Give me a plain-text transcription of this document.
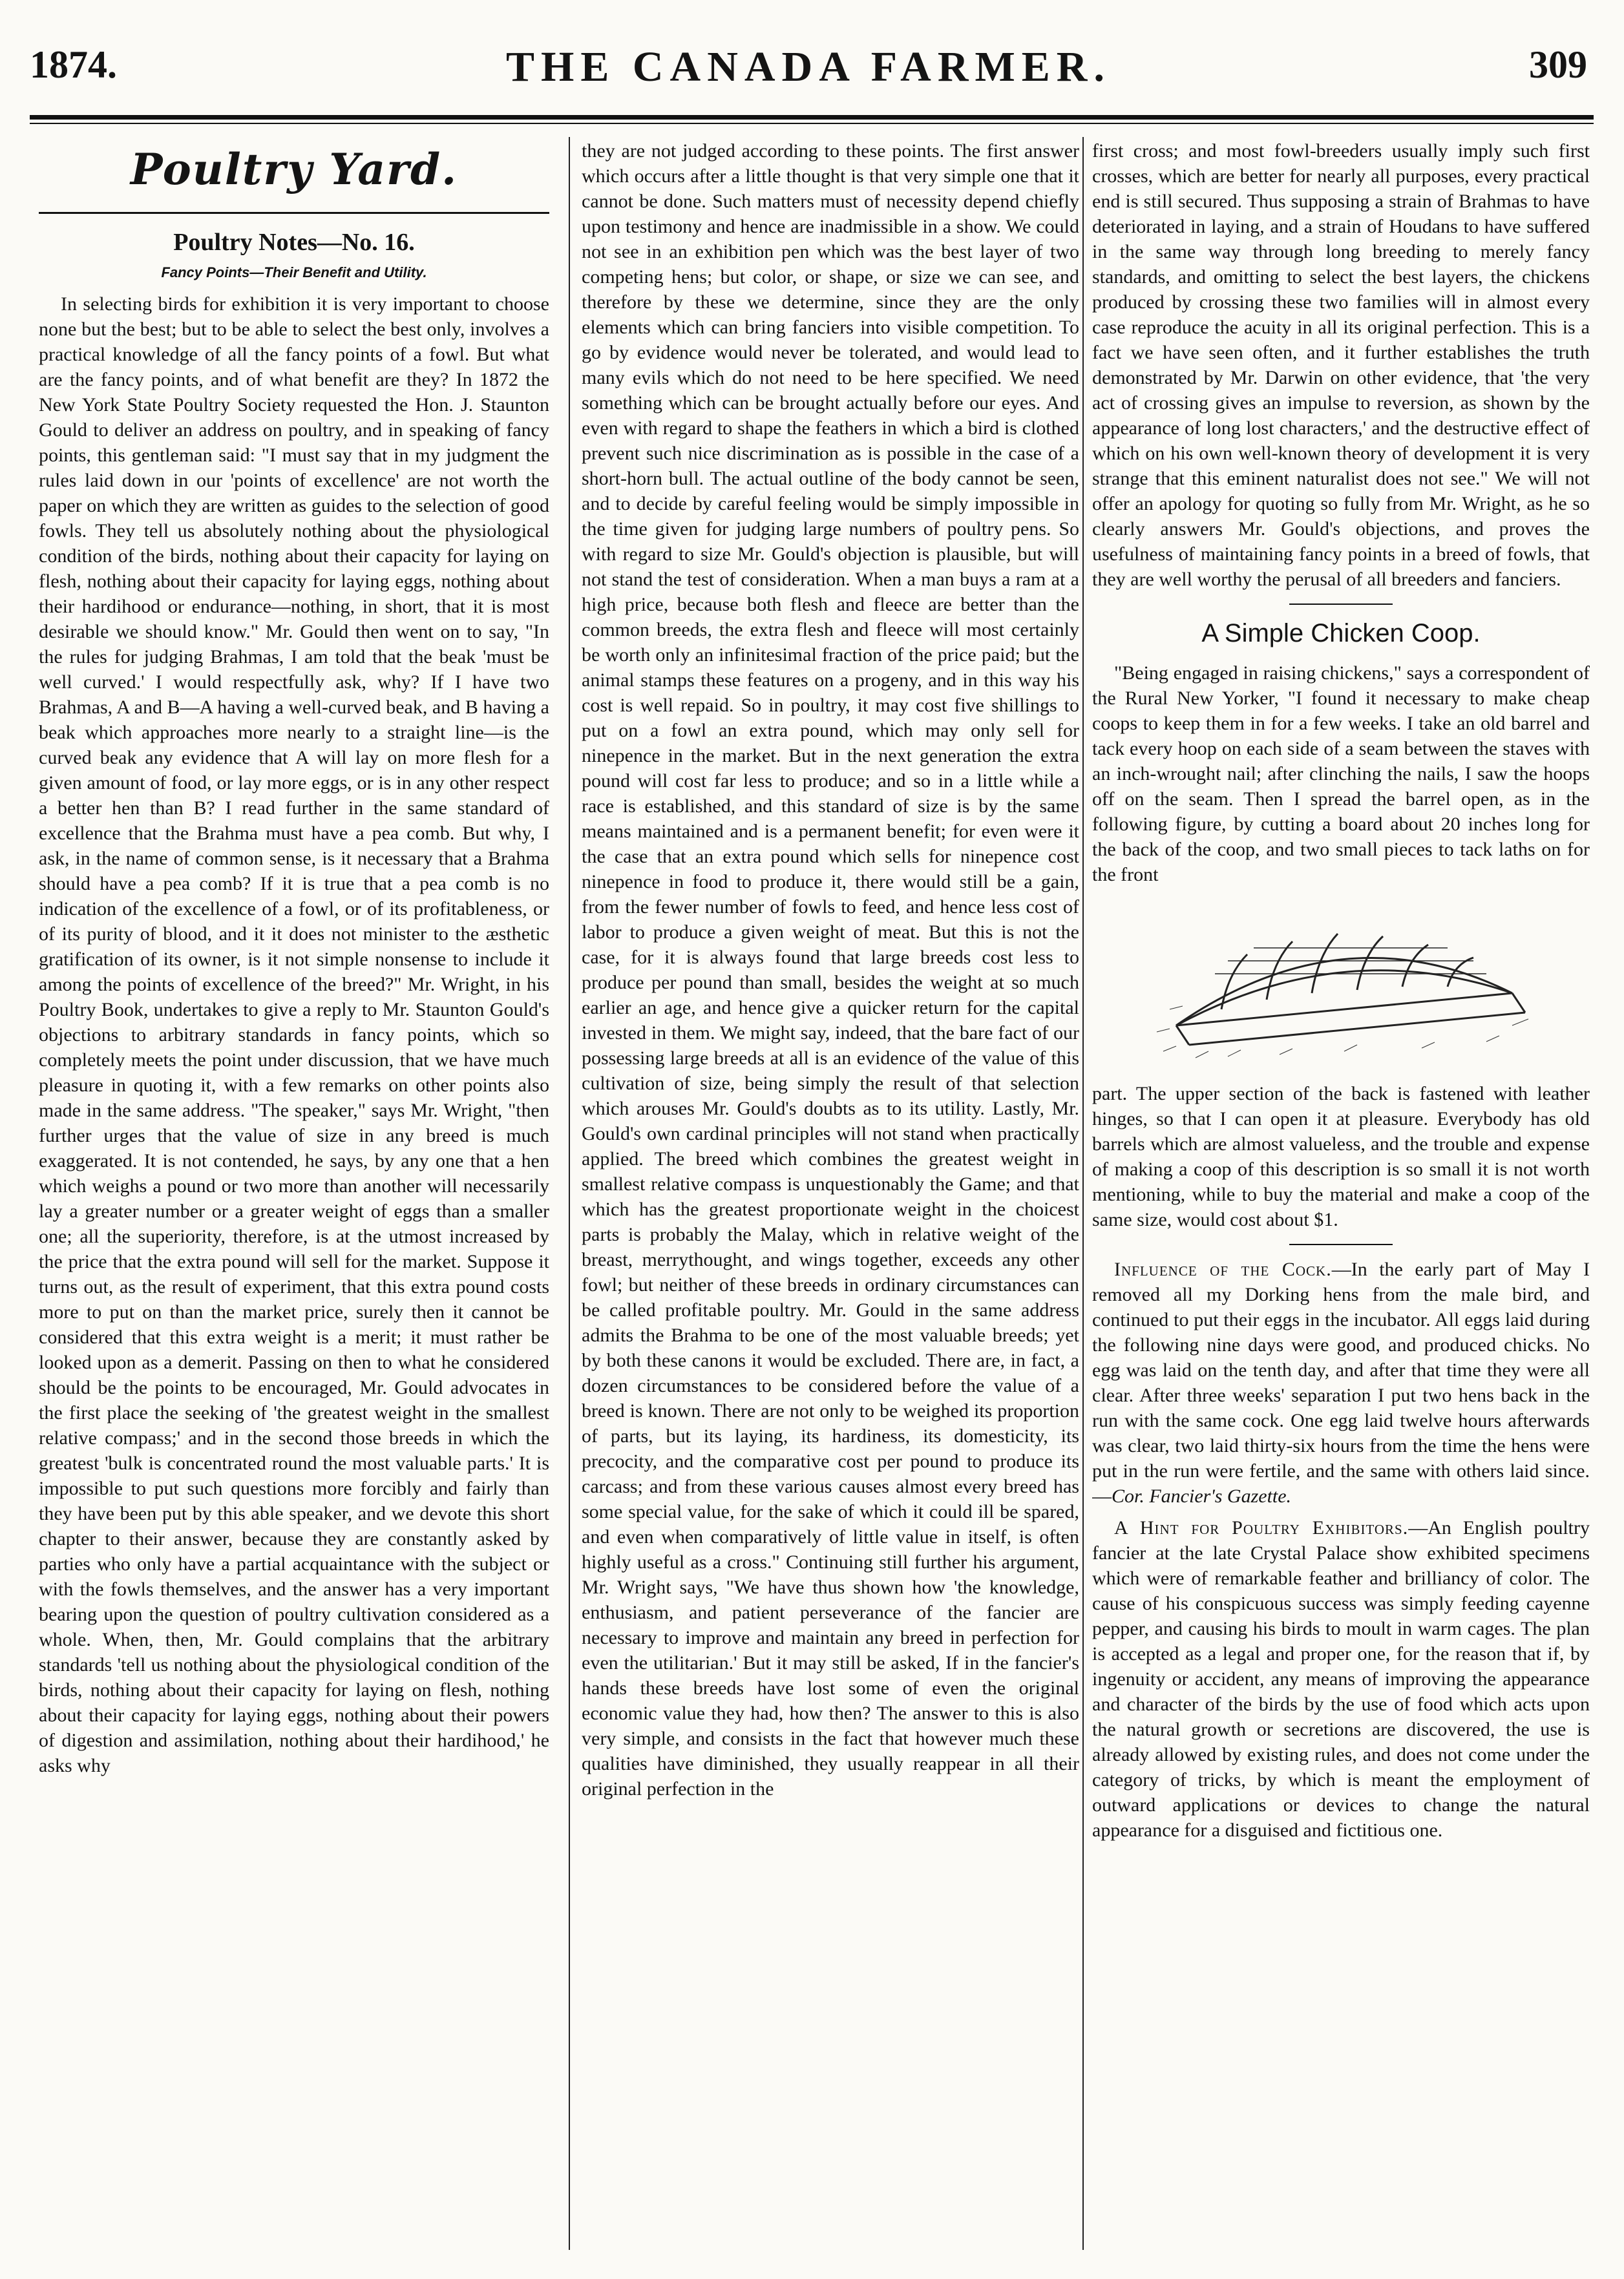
1874.	THE CANADA FARMER.	309
Poultry Yard.
Poultry Notes—No. 16.
Fancy Points—Their Benefit and Utility.

In selecting birds for exhibition it is very important to choose none but the best; but to be able to select the best only, involves a practical knowledge of all the fancy points of a fowl. But what are the fancy points, and of what benefit are they? In 1872 the New York State Poultry Society requested the Hon. J. Staunton Gould to deliver an address on poultry, and in speaking of fancy points, this gentleman said: "I must say that in my judgment the rules laid down in our 'points of excellence' are not worth the paper on which they are written as guides to the selection of good fowls. They tell us absolutely nothing about the physiological condition of the birds, nothing about their capacity for laying on flesh, nothing about their capacity for laying eggs, nothing about their hardihood or endurance—nothing, in short, that it is most desirable we should know." Mr. Gould then went on to say, "In the rules for judging Brahmas, I am told that the beak 'must be well curved.' I would respectfully ask, why? If I have two Brahmas, A and B—A having a well-curved beak, and B having a beak which approaches more nearly to a straight line—is the curved beak any evidence that A will lay on more flesh for a given amount of food, or lay more eggs, or is in any other respect a better hen than B? I read further in the same standard of excellence that the Brahma must have a pea comb. But why, I ask, in the name of common sense, is it necessary that a Brahma should have a pea comb? If it is true that a pea comb is no indication of the excellence of a fowl, or of its profitableness, or of its purity of blood, and it it does not minister to the æsthetic gratification of its owner, is it not simple nonsense to include it among the points of excellence of the breed?" Mr. Wright, in his Poultry Book, undertakes to give a reply to Mr. Staunton Gould's objections to arbitrary standards in fancy points, which so completely meets the point under discussion, that we have much pleasure in quoting it, with a few remarks on other points also made in the same address. "The speaker," says Mr. Wright, "then further urges that the value of size in any breed is much exaggerated. It is not contended, he says, by any one that a hen which weighs a pound or two more than another will necessarily lay a greater number or a greater weight of eggs than a smaller one; all the superiority, therefore, is at the utmost increased by the price that the extra pound will sell for the market. Suppose it turns out, as the result of experiment, that this extra pound costs more to put on than the market price, surely then it cannot be considered that this extra weight is a merit; it must rather be looked upon as a demerit. Passing on then to what he considered should be the points to be encouraged, Mr. Gould advocates in the first place the seeking of 'the greatest weight in the smallest relative compass;' and in the second those breeds in which the greatest 'bulk is concentrated round the most valuable parts.' It is impossible to put such questions more forcibly and fairly than they have been put by this able speaker, and we devote this short chapter to their answer, because they are constantly asked by parties who only have a partial acquaintance with the subject or with the fowls themselves, and the answer has a very important bearing upon the question of poultry cultivation considered as a whole. When, then, Mr. Gould complains that the arbitrary standards 'tell us nothing about the physiological condition of the birds, nothing about their capacity for laying on flesh, nothing about their capacity for laying eggs, nothing about their powers of digestion and assimilation, nothing about their hardihood,' he asks why

they are not judged according to these points. The first answer which occurs after a little thought is that very simple one that it cannot be done. Such matters must of necessity depend chiefly upon testimony and hence are inadmissible in a show. We could not see in an exhibition pen which was the best layer of two competing hens; but color, or shape, or size we can see, and therefore by these we determine, since they are the only elements which can bring fanciers into visible competition. To go by evidence would never be tolerated, and would lead to many evils which do not need to be here specified. We need something which can be brought actually before our eyes. And even with regard to shape the feathers in which a bird is clothed prevent such nice discrimination as is possible in the case of a short-horn bull. The actual outline of the body cannot be seen, and to decide by careful feeling would be simply impossible in the time given for judging large numbers of poultry pens. So with regard to size Mr. Gould's objection is plausible, but will not stand the test of consideration. When a man buys a ram at a high price, because both flesh and fleece are better than the common breeds, the extra flesh and fleece will most certainly be worth only an infinitesimal fraction of the price paid; but the animal stamps these features on a progeny, and in this way his cost is well repaid. So in poultry, it may cost five shillings to put on a fowl an extra pound, which may only sell for ninepence in the market. But in the next generation the extra pound will cost far less to produce; and so in a little while a race is established, and this standard of size is by the same means maintained and is a permanent benefit; for even were it the case that an extra pound which sells for ninepence cost ninepence in food to produce it, there would still be a gain, from the fewer number of fowls to feed, and hence less cost of labor to produce a given weight of meat. But this is not the case, for it is always found that large breeds cost less to produce per pound than small, besides the weight at so much earlier an age, and hence give a quicker return for the capital invested in them. We might say, indeed, that the bare fact of our possessing large breeds at all is an evidence of the value of this cultivation of size, being simply the result of that selection which arouses Mr. Gould's doubts as to its utility. Lastly, Mr. Gould's own cardinal principles will not stand when practically applied. The breed which combines the greatest weight in smallest relative compass is unquestionably the Game; and that which has the greatest proportionate weight in the choicest parts is probably the Malay, which in relative weight of the breast, merrythought, and wings together, exceeds any other fowl; but neither of these breeds in ordinary circumstances can be called profitable poultry. Mr. Gould in the same address admits the Brahma to be one of the most valuable breeds; yet by both these canons it would be excluded. There are, in fact, a dozen circumstances to be considered before the value of a breed is known. There are not only to be weighed its proportion of parts, but its laying, its hardiness, its domesticity, its precocity, and the comparative cost per pound to produce its carcass; and from these various causes almost every breed has some special value, for the sake of which it could ill be spared, and even when comparatively of little value in itself, is often highly useful as a cross." Continuing still further his argument, Mr. Wright says, "We have thus shown how 'the knowledge, enthusiasm, and patient perseverance of the fancier are necessary to improve and maintain any breed in perfection for even the utilitarian.' But it may still be asked, If in the fancier's hands these breeds have lost some of even the original economic value they had, how then? The answer to this is also very simple, and consists in the fact that however much these qualities have diminished, they usually reappear in all their original perfection in the

first cross; and most fowl-breeders usually imply such first crosses, which are better for nearly all purposes, every practical end is still secured. Thus supposing a strain of Brahmas to have deteriorated in laying, and a strain of Houdans to have suffered in the same way through long breeding to merely fancy standards, and omitting to select the best layers, the chickens produced by crossing these two families will in almost every case reproduce the acuity in all its original perfection. This is a fact we have seen often, and it further establishes the truth demonstrated by Mr. Darwin on other evidence, that 'the very act of crossing gives an impulse to reversion, as shown by the appearance of long lost characters,' and the destructive effect of which on his own well-known theory of development it is very strange that this eminent naturalist does not see." We will not offer an apology for quoting so fully from Mr. Wright, as he so clearly answers Mr. Gould's objections, and proves the usefulness of maintaining fancy points in a breed of fowls, that they are well worthy the perusal of all breeders and fanciers.

A Simple Chicken Coop.

"Being engaged in raising chickens," says a correspondent of the Rural New Yorker, "I found it necessary to make cheap coops to keep them in for a few weeks. I take an old barrel and tack every hoop on each side of a seam between the staves with an inch-wrought nail; after clinching the nails, I saw the hoops off on the seam. Then I spread the barrel open, as in the following figure, by cutting a board about 20 inches long for the back of the coop, and two small pieces to tack laths on for the front

part. The upper section of the back is fastened with leather hinges, so that I can open it at pleasure. Everybody has old barrels which are almost valueless, and the trouble and expense of making a coop of this description is so small it is not worth mentioning, while to buy the material and make a coop of the same size, would cost about $1.

Influence of the Cock.—In the early part of May I removed all my Dorking hens from the male bird, and continued to put their eggs in the incubator. All eggs laid during the following nine days were good, and produced chicks. No egg was laid on the tenth day, and after that time they were all clear. After three weeks' separation I put two hens back in the run with the same cock. One egg laid twelve hours afterwards was clear, two laid thirty-six hours from the time the hens were put in the run were fertile, and the same with others laid since.—Cor. Fancier's Gazette.

A Hint for Poultry Exhibitors.—An English poultry fancier at the late Crystal Palace show exhibited specimens which were of remarkable feather and brilliancy of color. The cause of his conspicuous success was simply feeding cayenne pepper, and causing his birds to moult in warm cages. The plan is accepted as a legal and proper one, for the reason that if, by ingenuity or accident, any means of improving the appearance and character of the birds by the use of food which acts upon the natural growth or secretions are discovered, the use is already allowed by existing rules, and does not come under the category of tricks, by which is meant the employment of outward applications or devices to change the natural appearance for a disguised and fictitious one.
